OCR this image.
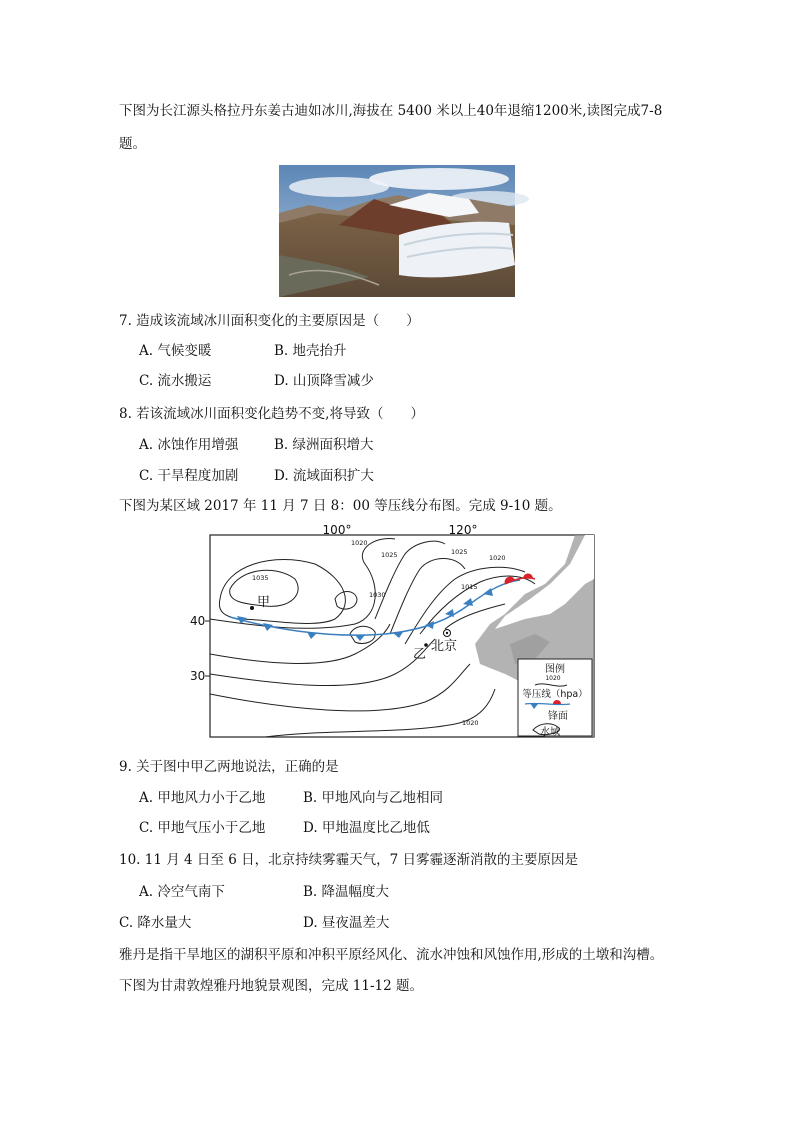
下图为长江源头格拉丹东姜古迪如冰川,海拔在 5400 米以上40年退缩1200米,读图完成7-8
题。
7. 造成该流域冰川面积变化的主要原因是（　　）
A. 气候变暖	B. 地壳抬升
C. 流水搬运	D. 山顶降雪减少
8. 若该流域冰川面积变化趋势不变,将导致（　　）
A. 冰蚀作用增强	B. 绿洲面积增大
C. 干旱程度加剧	D. 流域面积扩大
下图为某区域 2017 年 11 月 7 日 8：00 等压线分布图。完成 9-10 题。
100°	120°
40
30
1020
1025	1025
1020
1035
1030
1015
1020
甲
乙
北京
图例
1020
等压线（hpa）
锋面
水域
9. 关于图中甲乙两地说法，正确的是
A. 甲地风力小于乙地	B. 甲地风向与乙地相同
C. 甲地气压小于乙地	D. 甲地温度比乙地低
10. 11 月 4 日至 6 日，北京持续雾霾天气，7 日雾霾逐渐消散的主要原因是
A. 冷空气南下	B. 降温幅度大
C. 降水量大	D. 昼夜温差大
雅丹是指干旱地区的湖积平原和冲积平原经风化、流水冲蚀和风蚀作用,形成的土墩和沟槽。
下图为甘肃敦煌雅丹地貌景观图，完成 11-12 题。
